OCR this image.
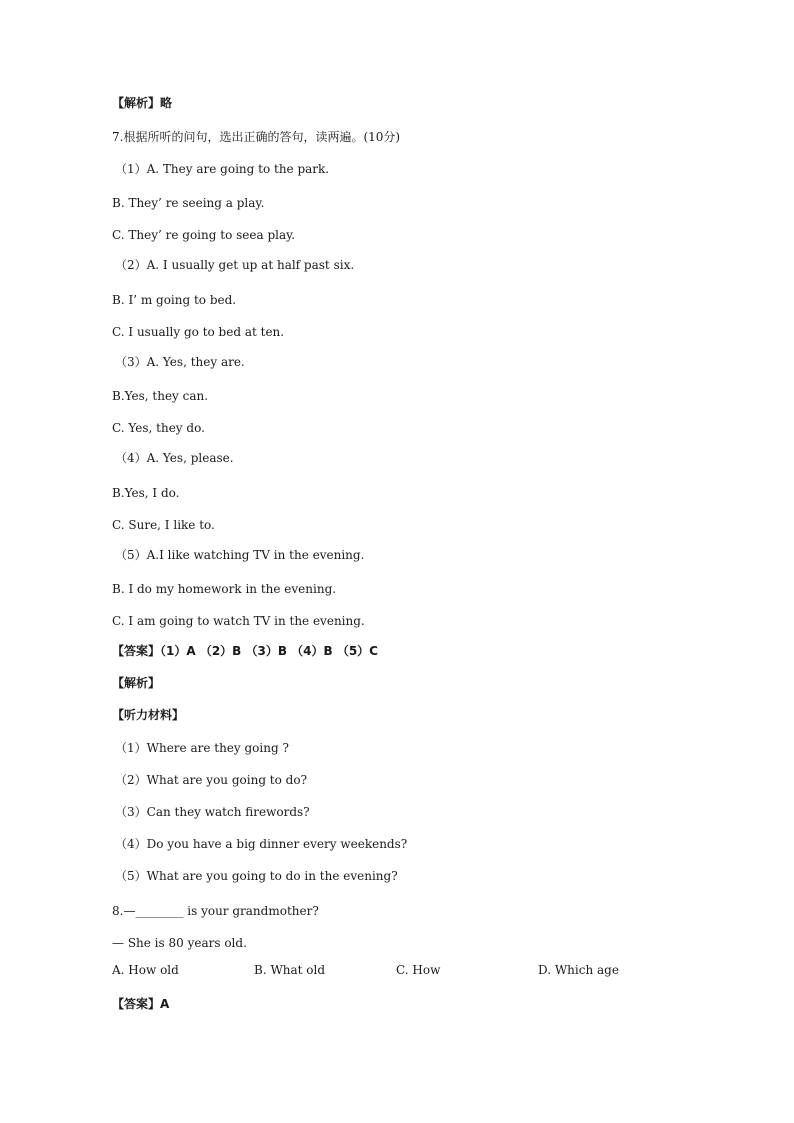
【解析】略
7.根据所听的问句，选出正确的答句，读两遍。(10分)
（1）A. They are going to the park.
B. They’ re seeing a play.
C. They’ re going to seea play.
（2）A. I usually get up at half past six.
B. I’ m going to bed.
C. I usually go to bed at ten.
（3）A. Yes, they are.
B.Yes, they can.
C. Yes, they do.
（4）A. Yes, please.
B.Yes, I do.
C. Sure, I like to.
（5）A.I like watching TV in the evening.
B. I do my homework in the evening.
C. I am going to watch TV in the evening.
【答案】（1）A （2）B （3）B （4）B （5）C
【解析】
【听力材料】
（1）Where are they going ?
（2）What are you going to do?
（3）Can they watch firewords?
（4）Do you have a big dinner every weekends?
（5）What are you going to do in the evening?
8.—________ is your grandmother?
— She is 80 years old.
A. How old	B. What old	C. How	D. Which age
【答案】A
